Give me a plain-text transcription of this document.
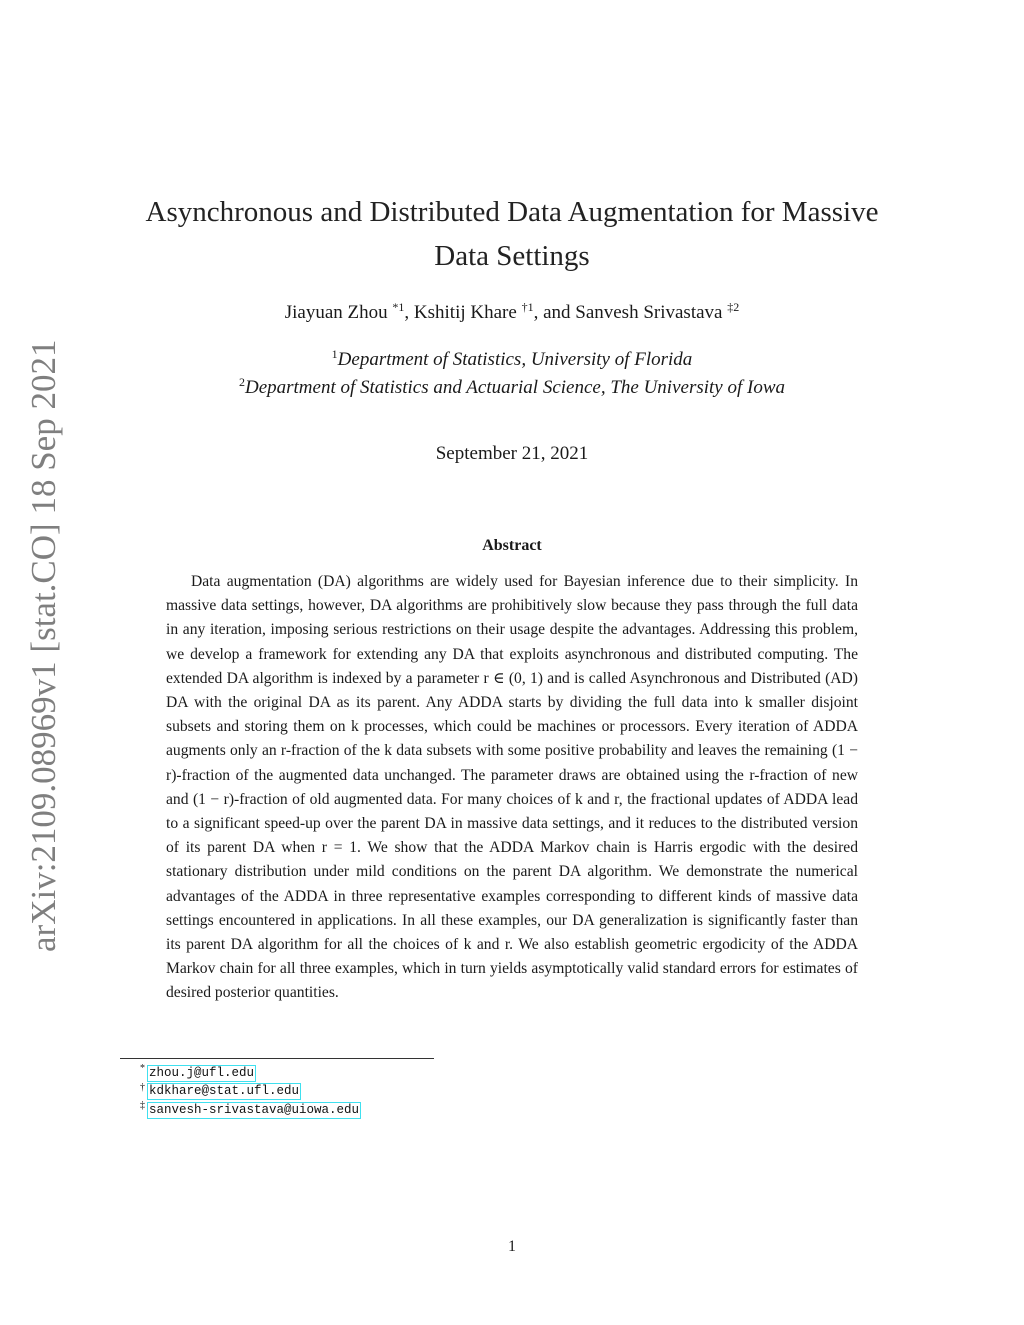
arXiv:2109.08969v1 [stat.CO] 18 Sep 2021
Asynchronous and Distributed Data Augmentation for Massive Data Settings
Jiayuan Zhou $^{*1}$, Kshitij Khare $^{\dagger 1}$, and Sanvesh Srivastava $^{\ddagger 2}$
$^1$Department of Statistics, University of Florida
$^2$Department of Statistics and Actuarial Science, The University of Iowa
September 21, 2021
Abstract

Data augmentation (DA) algorithms are widely used for Bayesian inference due to their simplicity. In massive data settings, however, DA algorithms are prohibitively slow because they pass through the full data in any iteration, imposing serious restrictions on their usage despite the advantages. Addressing this problem, we develop a framework for extending any DA that exploits asynchronous and distributed computing. The extended DA algorithm is indexed by a parameter r ∈ (0, 1) and is called Asynchronous and Distributed (AD) DA with the original DA as its parent. Any ADDA starts by dividing the full data into k smaller disjoint subsets and storing them on k processes, which could be machines or processors. Every iteration of ADDA augments only an r-fraction of the k data subsets with some positive probability and leaves the remaining (1 − r)-fraction of the augmented data unchanged. The parameter draws are obtained using the r-fraction of new and (1 − r)-fraction of old augmented data. For many choices of k and r, the fractional updates of ADDA lead to a significant speed-up over the parent DA in massive data settings, and it reduces to the distributed version of its parent DA when r = 1. We show that the ADDA Markov chain is Harris ergodic with the desired stationary distribution under mild conditions on the parent DA algorithm. We demonstrate the numerical advantages of the ADDA in three representative examples corresponding to different kinds of massive data settings encountered in applications. In all these examples, our DA generalization is significantly faster than its parent DA algorithm for all the choices of k and r. We also establish geometric ergodicity of the ADDA Markov chain for all three examples, which in turn yields asymptotically valid standard errors for estimates of desired posterior quantities.

* zhou.j@ufl.edu
† kdkhare@stat.ufl.edu
‡ sanvesh-srivastava@uiowa.edu
1
